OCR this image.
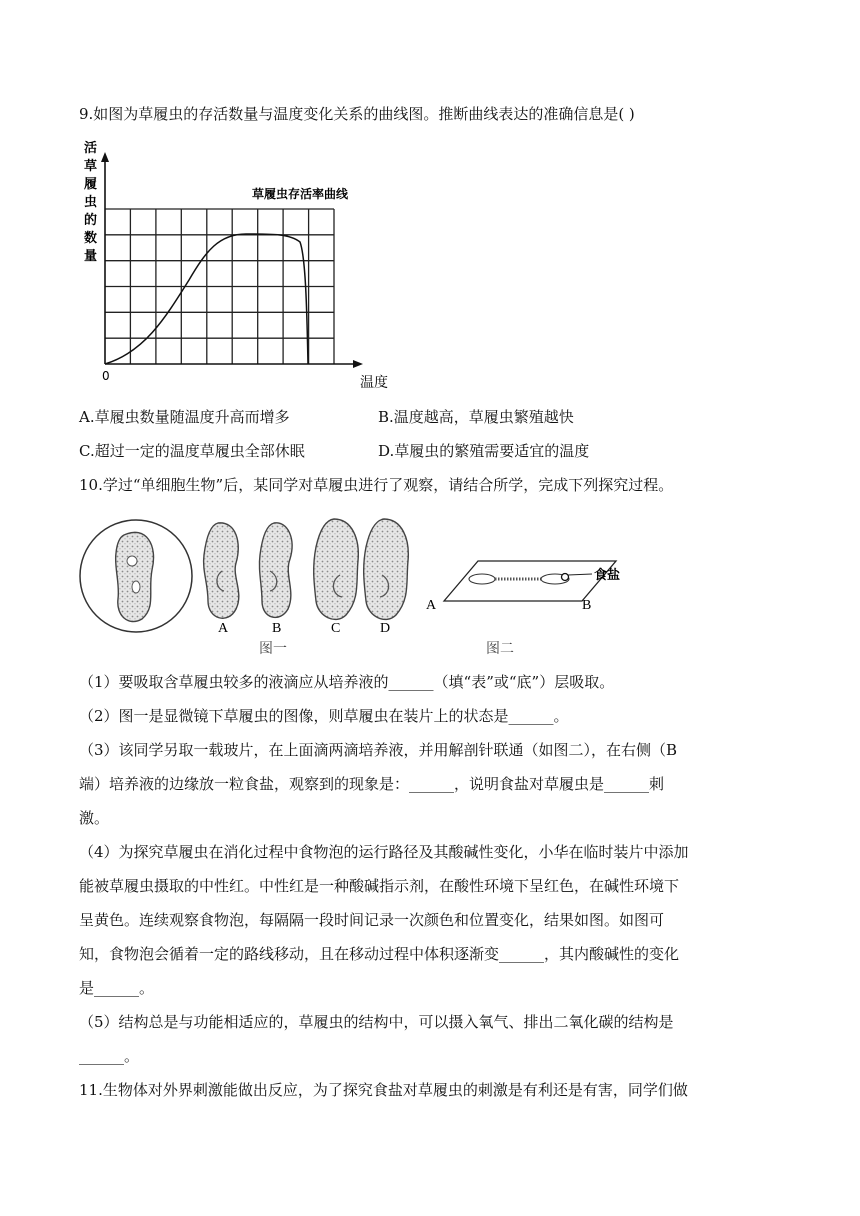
9.如图为草履虫的存活数量与温度变化关系的曲线图。推断曲线表达的准确信息是( )
活
草
履
虫
的
数
量
草履虫存活率曲线
0	温度
A.草履虫数量随温度升高而增多	B.温度越高，草履虫繁殖越快
C.超过一定的温度草履虫全部休眠	D.草履虫的繁殖需要适宜的温度
10.学过“单细胞生物”后，某同学对草履虫进行了观察，请结合所学，完成下列探究过程。
A	B	C	D
图一
食盐
A	B
图二
（1）要吸取含草履虫较多的液滴应从培养液的______（填“表”或“底”）层吸取。
（2）图一是显微镜下草履虫的图像，则草履虫在装片上的状态是______。
（3）该同学另取一载玻片，在上面滴两滴培养液，并用解剖针联通（如图二），在右侧（B
端）培养液的边缘放一粒食盐，观察到的现象是：______，说明食盐对草履虫是______刺
激。
（4）为探究草履虫在消化过程中食物泡的运行路径及其酸碱性变化，小华在临时装片中添加
能被草履虫摄取的中性红。中性红是一种酸碱指示剂，在酸性环境下呈红色，在碱性环境下
呈黄色。连续观察食物泡，每隔隔一段时间记录一次颜色和位置变化，结果如图。如图可
知，食物泡会循着一定的路线移动，且在移动过程中体积逐渐变______，其内酸碱性的变化
是______。
（5）结构总是与功能相适应的，草履虫的结构中，可以摄入氧气、排出二氧化碳的结构是
______。
11.生物体对外界刺激能做出反应，为了探究食盐对草履虫的刺激是有利还是有害，同学们做
